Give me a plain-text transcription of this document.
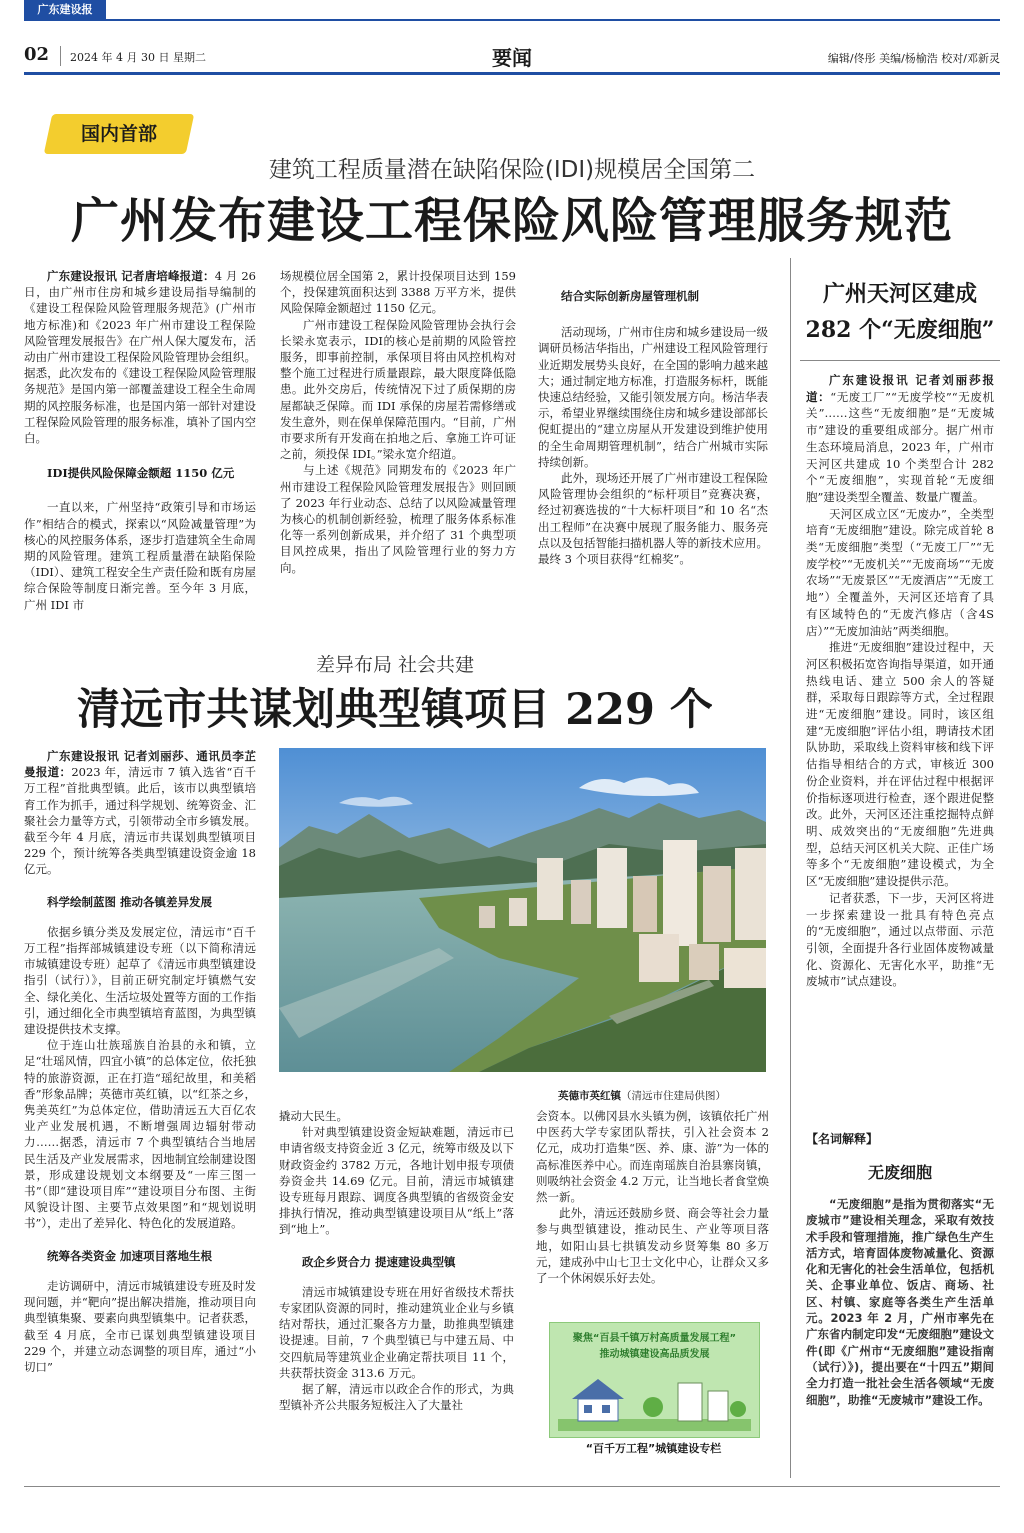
广东建设报
02 2024 年 4 月 30 日 星期二	要闻	编辑/佟彤 美编/杨榆浩 校对/邓新灵
国内首部
建筑工程质量潜在缺陷保险(IDI)规模居全国第二
广州发布建设工程保险风险管理服务规范

广东建设报讯 记者唐培峰报道：4 月 26 日，由广州市住房和城乡建设局指导编制的《建设工程保险风险管理服务规范》(广州市地方标准)和《2023 年广州市建设工程保险风险管理发展报告》在广州人保大厦发布，活动由广州市建设工程保险风险管理协会组织。据悉，此次发布的《建设工程保险风险管理服务规范》是国内第一部覆盖建设工程全生命周期的风控服务标准，也是国内第一部针对建设工程保险风险管理的服务标准，填补了国内空白。

IDI提供风险保障金额超 1150 亿元

一直以来，广州坚持“政策引导和市场运作”相结合的模式，探索以“风险减量管理”为核心的风控服务体系，逐步打造建筑全生命周期的风险管理。建筑工程质量潜在缺陷保险（IDI）、建筑工程安全生产责任险和既有房屋综合保险等制度日渐完善。至今年 3 月底，广州 IDI 市

场规模位居全国第 2，累计投保项目达到 159 个，投保建筑面积达到 3388 万平方米，提供风险保障金额超过 1150 亿元。

广州市建设工程保险风险管理协会执行会长梁永宽表示，IDI的核心是前期的风险管控服务，即事前控制，承保项目将由风控机构对整个施工过程进行质量跟踪，最大限度降低隐患。此外交房后，传统情况下过了质保期的房屋都缺乏保障。而 IDI 承保的房屋若需修缮或发生意外，则在保单保障范围内。“目前，广州市要求所有开发商在拍地之后、拿施工许可证之前，须投保 IDI。”梁永宽介绍道。

与上述《规范》同期发布的《2023 年广州市建设工程保险风险管理发展报告》则回顾了 2023 年行业动态、总结了以风险减量管理为核心的机制创新经验，梳理了服务体系标准化等一系列创新成果，并介绍了 31 个典型项目风控成果，指出了风险管理行业的努力方向。

结合实际创新房屋管理机制

活动现场，广州市住房和城乡建设局一级调研员杨洁华指出，广州建设工程风险管理行业近期发展势头良好，在全国的影响力越来越大；通过制定地方标准，打造服务标杆，既能快速总结经验，又能引领发展方向。杨洁华表示，希望业界继续围绕住房和城乡建设部部长倪虹提出的“建立房屋从开发建设到维护使用的全生命周期管理机制”，结合广州城市实际持续创新。

此外，现场还开展了广州市建设工程保险风险管理协会组织的“标杆项目”竞赛决赛，经过初赛选拔的“十大标杆项目”和 10 名“杰出工程师”在决赛中展现了服务能力、服务亮点以及包括智能扫描机器人等的新技术应用。最终 3 个项目获得“红棉奖”。

差异布局 社会共建
清远市共谋划典型镇项目 229 个

广东建设报讯 记者刘丽莎、通讯员李芷曼报道：2023 年，清远市 7 镇入选省“百千万工程”首批典型镇。此后，该市以典型镇培育工作为抓手，通过科学规划、统筹资金、汇聚社会力量等方式，引领带动全市乡镇发展。截至今年 4 月底，清远市共谋划典型镇项目 229 个，预计统筹各类典型镇建设资金逾 18 亿元。

科学绘制蓝图 推动各镇差异发展

依据乡镇分类及发展定位，清远市“百千万工程”指挥部城镇建设专班（以下简称清远市城镇建设专班）起草了《清远市典型镇建设指引（试行）》，目前正研究制定圩镇燃气安全、绿化美化、生活垃圾处置等方面的工作指引，通过细化全市典型镇培育蓝图，为典型镇建设提供技术支撑。

位于连山壮族瑶族自治县的永和镇，立足“壮瑶风情，四宜小镇”的总体定位，依托独特的旅游资源，正在打造“瑶纪故里，和美稻香”形象品牌；英德市英红镇，以“红茶之乡，隽美英红”为总体定位，借助清远五大百亿农业产业发展机遇，不断增强周边辐射带动力……据悉，清远市 7 个典型镇结合当地居民生活及产业发展需求，因地制宜绘制建设图景，形成建设规划文本纲要及“一库三图一书”（即“建设项目库”“建设项目分布图、主街风貌设计图、主要节点效果图”和“规划说明书”），走出了差异化、特色化的发展道路。

统筹各类资金 加速项目落地生根

走访调研中，清远市城镇建设专班及时发现问题，并“靶向”提出解决措施，推动项目向典型镇集聚、要素向典型镇集中。记者获悉，截至 4 月底，全市已谋划典型镇建设项目 229 个，并建立动态调整的项目库，通过“小切口”

英德市英红镇（清远市住建局供图）

撬动大民生。

针对典型镇建设资金短缺难题，清远市已申请省级支持资金近 3 亿元，统筹市级及以下财政资金约 3782 万元，各地计划申报专项债券资金共 14.69 亿元。目前，清远市城镇建设专班每月跟踪、调度各典型镇的省级资金安排执行情况，推动典型镇建设项目从“纸上”落到“地上”。

政企乡贤合力 提速建设典型镇

清远市城镇建设专班在用好省级技术帮扶专家团队资源的同时，推动建筑业企业与乡镇结对帮扶，通过汇聚各方力量，助推典型镇建设提速。目前，7 个典型镇已与中建五局、中交四航局等建筑业企业确定帮扶项目 11 个，共获帮扶资金 313.6 万元。

据了解，清远市以政企合作的形式，为典型镇补齐公共服务短板注入了大量社

会资本。以佛冈县水头镇为例，该镇依托广州中医药大学专家团队帮扶，引入社会资本 2 亿元，成功打造集“医、养、康、游”为一体的高标准医养中心。而连南瑶族自治县寨岗镇，则吸纳社会资金 4.2 万元，让当地长者食堂焕然一新。

此外，清远还鼓励乡贤、商会等社会力量参与典型镇建设，推动民生、产业等项目落地，如阳山县七拱镇发动乡贤筹集 80 多万元，建成孙中山七卫士文化中心，让群众又多了一个休闲娱乐好去处。

聚焦“百县千镇万村高质量发展工程”
推动城镇建设高品质发展
“百千万工程”城镇建设专栏
广州天河区建成
282 个“无废细胞”

广东建设报讯 记者刘丽莎报道：“无废工厂”“无废学校”“无废机关”……这些“无废细胞”是“无废城市”建设的重要组成部分。据广州市生态环境局消息，2023 年，广州市天河区共建成 10 个类型合计 282 个“无废细胞”，实现首轮“无废细胞”建设类型全覆盖、数量广覆盖。

天河区成立区“无废办”，全类型培育“无废细胞”建设。除完成首轮 8 类“无废细胞”类型（“无废工厂”“无废学校”“无废机关”“无废商场”“无废农场”“无废景区”“无废酒店”“无废工地”）全覆盖外，天河区还培育了具有区域特色的“无废汽修店（含4S店）”“无废加油站”两类细胞。

推进“无废细胞”建设过程中，天河区积极拓宽咨询指导渠道，如开通热线电话、建立 500 余人的答疑群，采取每日跟踪等方式，全过程跟进“无废细胞”建设。同时，该区组建“无废细胞”评估小组，聘请技术团队协助，采取线上资料审核和线下评估指导相结合的方式，审核近 300 份企业资料，并在评估过程中根据评价指标逐项进行检查，逐个跟进促整改。此外，天河区还注重挖掘特点鲜明、成效突出的“无废细胞”先进典型，总结天河区机关大院、正佳广场等多个“无废细胞”建设模式，为全区“无废细胞”建设提供示范。

记者获悉，下一步，天河区将进一步探索建设一批具有特色亮点的“无废细胞”，通过以点带面、示范引领，全面提升各行业固体废物减量化、资源化、无害化水平，助推“无废城市”试点建设。

【名词解释】
无废细胞

“无废细胞”是指为贯彻落实“无废城市”建设相关理念，采取有效技术手段和管理措施，推广绿色生产生活方式，培育固体废物减量化、资源化和无害化的社会生活单位，包括机关、企事业单位、饭店、商场、社区、村镇、家庭等各类生产生活单元。2023 年 2 月，广州市率先在广东省内制定印发“无废细胞”建设文件(即《广州市“无废细胞”建设指南（试行）》)，提出要在“十四五”期间全力打造一批社会生活各领域“无废细胞”，助推“无废城市”建设工作。
